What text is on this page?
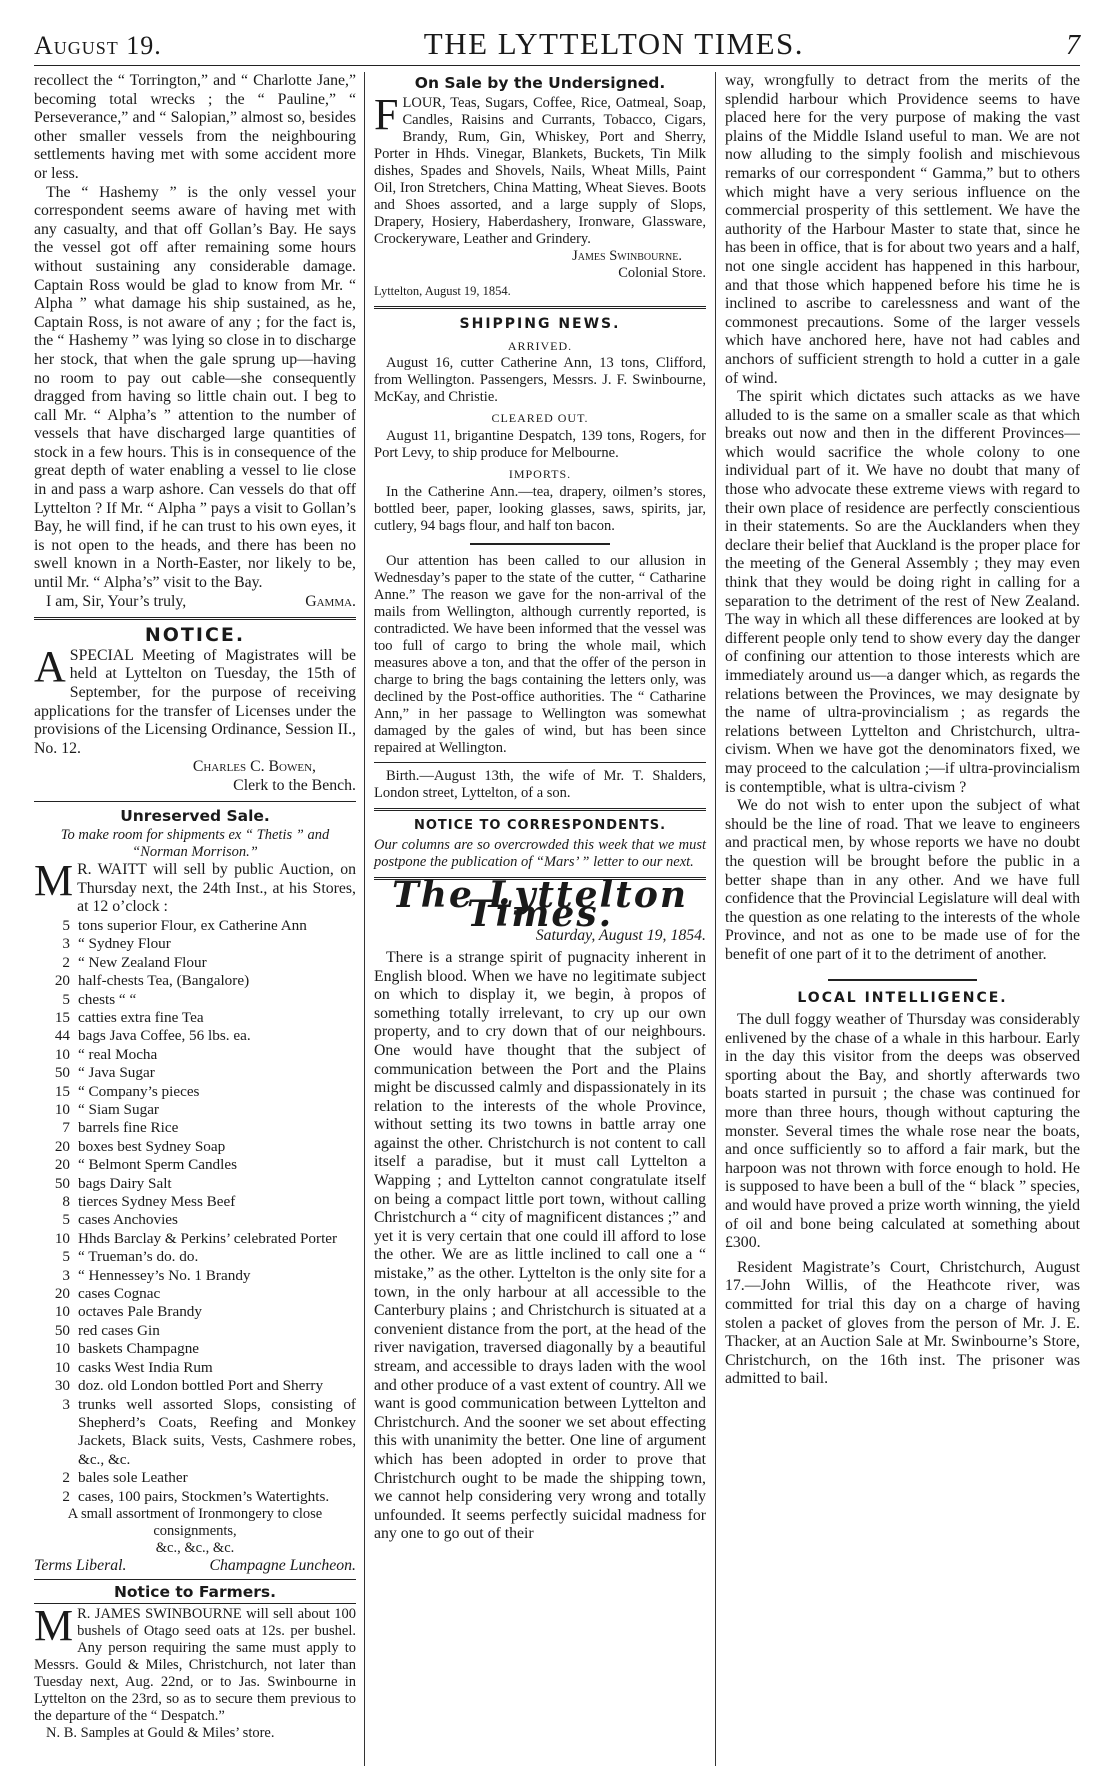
August 19.	THE LYTTELTON TIMES.	7

recollect the “ Torrington,” and “ Charlotte Jane,” becoming total wrecks ; the “ Pauline,” “ Perseverance,” and “ Salopian,” almost so, besides other smaller vessels from the neighbouring settlements having met with some accident more or less.

The “ Hashemy ” is the only vessel your correspondent seems aware of having met with any casualty, and that off Gollan’s Bay. He says the vessel got off after remaining some hours without sustaining any considerable damage. Captain Ross would be glad to know from Mr. “ Alpha ” what damage his ship sustained, as he, Captain Ross, is not aware of any ; for the fact is, the “ Hashemy ” was lying so close in to discharge her stock, that when the gale sprung up—having no room to pay out cable—she consequently dragged from having so little chain out. I beg to call Mr. “ Alpha’s ” attention to the number of vessels that have discharged large quantities of stock in a few hours. This is in consequence of the great depth of water enabling a vessel to lie close in and pass a warp ashore. Can vessels do that off Lyttelton ? If Mr. “ Alpha ” pays a visit to Gollan’s Bay, he will find, if he can trust to his own eyes, it is not open to the heads, and there has been no swell known in a North-Easter, nor likely to be, until Mr. “ Alpha’s” visit to the Bay.

I am, Sir, Your’s truly,	Gamma.
NOTICE.

ASPECIAL Meeting of Magistrates will be held at Lyttelton on Tuesday, the 15th of September, for the purpose of receiving applications for the transfer of Licenses under the provisions of the Licensing Ordinance, Session II., No. 12.

Charles C. Bowen,
Clerk to the Bench.
Unreserved Sale.
To make room for shipments ex “ Thetis ” and “Norman Morrison.”

M R. WAITT will sell by public Auction, on Thursday next, the 24th Inst., at his Stores, at 12 o’clock :

5 tons superior Flour, ex Catherine Ann
3 “ Sydney Flour
2 “ New Zealand Flour
20 half-chests Tea, (Bangalore)
5 chests “ “
15 catties extra fine Tea
44 bags Java Coffee, 56 lbs. ea.
10 “ real Mocha
50 “ Java Sugar
15 “ Company’s pieces
10 “ Siam Sugar
7 barrels fine Rice
20 boxes best Sydney Soap
20 “ Belmont Sperm Candles
50 bags Dairy Salt
8 tierces Sydney Mess Beef
5 cases Anchovies
10 Hhds Barclay & Perkins’ celebrated Porter
5 “ Trueman’s do. do.
3 “ Hennessey’s No. 1 Brandy
20 cases Cognac
10 octaves Pale Brandy
50 red cases Gin
10 baskets Champagne
10 casks West India Rum
30 doz. old London bottled Port and Sherry
3 trunks well assorted Slops, consisting of Shepherd’s Coats, Reefing and Monkey Jackets, Black suits, Vests, Cashmere robes, &c., &c.
2 bales sole Leather
2 cases, 100 pairs, Stockmen’s Watertights.
A small assortment of Ironmongery to close consignments,
&c., &c., &c.
Terms Liberal.	Champagne Luncheon.
Notice to Farmers.

M R. JAMES SWINBOURNE will sell about 100 bushels of Otago seed oats at 12s. per bushel. Any person requiring the same must apply to Messrs. Gould & Miles, Christchurch, not later than Tuesday next, Aug. 22nd, or to Jas. Swinbourne in Lyttelton on the 23rd, so as to secure them previous to the departure of the “ Despatch.”

N. B. Samples at Gould & Miles’ store.

On Sale by the Undersigned.

FLOUR, Teas, Sugars, Coffee, Rice, Oatmeal, Soap, Candles, Raisins and Currants, Tobacco, Cigars, Brandy, Rum, Gin, Whiskey, Port and Sherry, Porter in Hhds. Vinegar, Blankets, Buckets, Tin Milk dishes, Spades and Shovels, Nails, Wheat Mills, Paint Oil, Iron Stretchers, China Matting, Wheat Sieves. Boots and Shoes assorted, and a large supply of Slops, Drapery, Hosiery, Haberdashery, Ironware, Glassware, Crockeryware, Leather and Grindery.

James Swinbourne.
Colonial Store.
Lyttelton, August 19, 1854.
SHIPPING NEWS.
ARRIVED.

August 16, cutter Catherine Ann, 13 tons, Clifford, from Wellington. Passengers, Messrs. J. F. Swinbourne, McKay, and Christie.

CLEARED OUT.

August 11, brigantine Despatch, 139 tons, Rogers, for Port Levy, to ship produce for Melbourne.

IMPORTS.

In the Catherine Ann.—tea, drapery, oilmen’s stores, bottled beer, paper, looking glasses, saws, spirits, jar, cutlery, 94 bags flour, and half ton bacon.

Our attention has been called to our allusion in Wednesday’s paper to the state of the cutter, “ Catharine Anne.” The reason we gave for the non-arrival of the mails from Wellington, although currently reported, is contradicted. We have been informed that the vessel was too full of cargo to bring the whole mail, which measures above a ton, and that the offer of the person in charge to bring the bags containing the letters only, was declined by the Post-office authorities. The “ Catharine Ann,” in her passage to Wellington was somewhat damaged by the gales of wind, but has been since repaired at Wellington.

Birth.—August 13th, the wife of Mr. T. Shalders, London street, Lyttelton, of a son.

NOTICE TO CORRESPONDENTS.

Our columns are so overcrowded this week that we must postpone the publication of “Mars’ ” letter to our next.

The Lyttelton Times.
Saturday, August 19, 1854.

There is a strange spirit of pugnacity inherent in English blood. When we have no legitimate subject on which to display it, we begin, à propos of something totally irrelevant, to cry up our own property, and to cry down that of our neighbours. One would have thought that the subject of communication between the Port and the Plains might be discussed calmly and dispassionately in its relation to the interests of the whole Province, without setting its two towns in battle array one against the other. Christchurch is not content to call itself a paradise, but it must call Lyttelton a Wapping ; and Lyttelton cannot congratulate itself on being a compact little port town, without calling Christchurch a “ city of magnificent distances ;” and yet it is very certain that one could ill afford to lose the other. We are as little inclined to call one a “ mistake,” as the other. Lyttelton is the only site for a town, in the only harbour at all accessible to the Canterbury plains ; and Christchurch is situated at a convenient distance from the port, at the head of the river navigation, traversed diagonally by a beautiful stream, and accessible to drays laden with the wool and other produce of a vast extent of country. All we want is good communication between Lyttelton and Christchurch. And the sooner we set about effecting this with unanimity the better. One line of argument which has been adopted in order to prove that Christchurch ought to be made the shipping town, we cannot help considering very wrong and totally unfounded. It seems perfectly suicidal madness for any one to go out of their

way, wrongfully to detract from the merits of the splendid harbour which Providence seems to have placed here for the very purpose of making the vast plains of the Middle Island useful to man. We are not now alluding to the simply foolish and mischievous remarks of our correspondent “ Gamma,” but to others which might have a very serious influence on the commercial prosperity of this settlement. We have the authority of the Harbour Master to state that, since he has been in office, that is for about two years and a half, not one single accident has happened in this harbour, and that those which happened before his time he is inclined to ascribe to carelessness and want of the commonest precautions. Some of the larger vessels which have anchored here, have not had cables and anchors of sufficient strength to hold a cutter in a gale of wind.

The spirit which dictates such attacks as we have alluded to is the same on a smaller scale as that which breaks out now and then in the different Provinces—which would sacrifice the whole colony to one individual part of it. We have no doubt that many of those who advocate these extreme views with regard to their own place of residence are perfectly conscientious in their statements. So are the Aucklanders when they declare their belief that Auckland is the proper place for the meeting of the General Assembly ; they may even think that they would be doing right in calling for a separation to the detriment of the rest of New Zealand. The way in which all these differences are looked at by different people only tend to show every day the danger of confining our attention to those interests which are immediately around us—a danger which, as regards the relations between the Provinces, we may designate by the name of ultra-provincialism ; as regards the relations between Lyttelton and Christchurch, ultra-civism. When we have got the denominators fixed, we may proceed to the calculation ;—if ultra-provincialism is contemptible, what is ultra-civism ?

We do not wish to enter upon the subject of what should be the line of road. That we leave to engineers and practical men, by whose reports we have no doubt the question will be brought before the public in a better shape than in any other. And we have full confidence that the Provincial Legislature will deal with the question as one relating to the interests of the whole Province, and not as one to be made use of for the benefit of one part of it to the detriment of another.

LOCAL INTELLIGENCE.

The dull foggy weather of Thursday was considerably enlivened by the chase of a whale in this harbour. Early in the day this visitor from the deeps was observed sporting about the Bay, and shortly afterwards two boats started in pursuit ; the chase was continued for more than three hours, though without capturing the monster. Several times the whale rose near the boats, and once sufficiently so to afford a fair mark, but the harpoon was not thrown with force enough to hold. He is supposed to have been a bull of the “ black ” species, and would have proved a prize worth winning, the yield of oil and bone being calculated at something about £300.

Resident Magistrate’s Court, Christchurch, August 17.—John Willis, of the Heathcote river, was committed for trial this day on a charge of having stolen a packet of gloves from the person of Mr. J. E. Thacker, at an Auction Sale at Mr. Swinbourne’s Store, Christchurch, on the 16th inst. The prisoner was admitted to bail.
